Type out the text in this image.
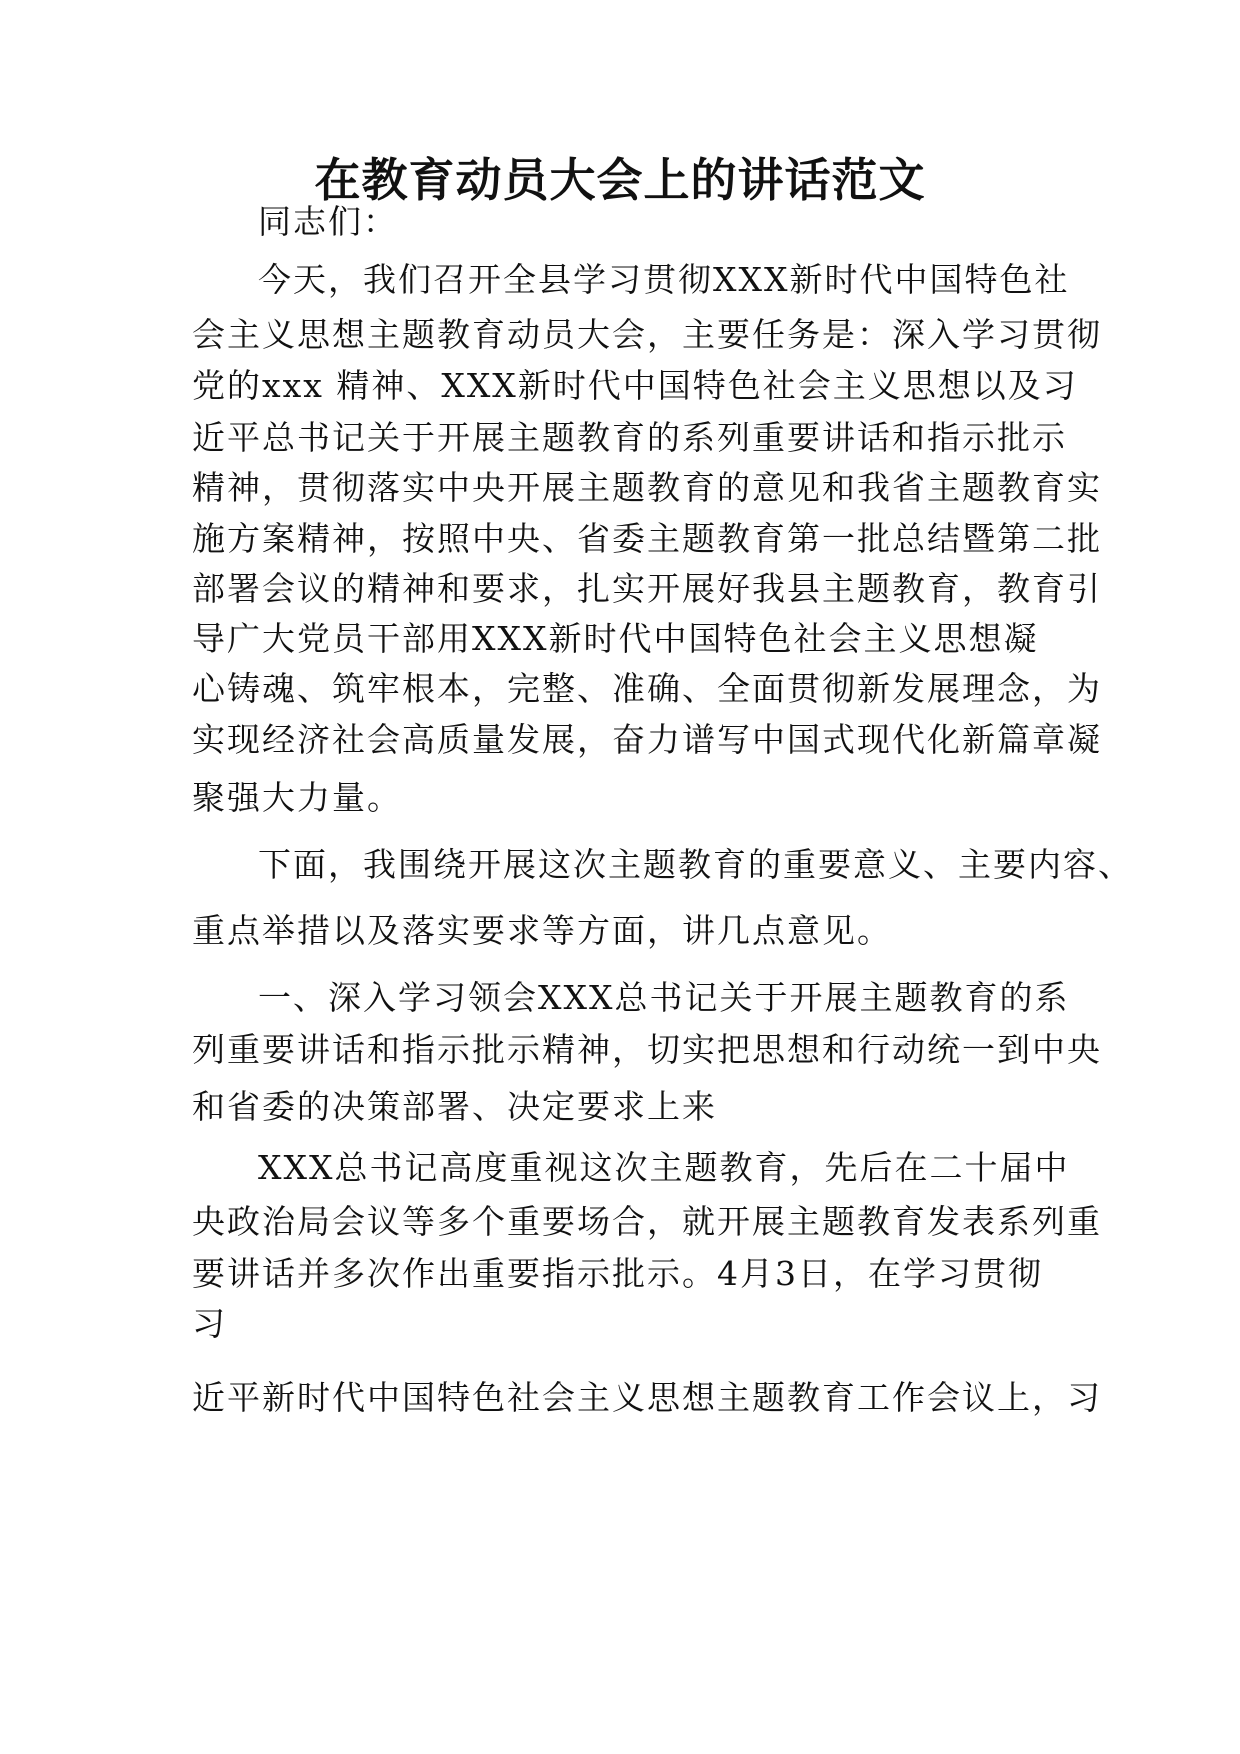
在教育动员大会上的讲话范文
同志们：
今天，我们召开全县学习贯彻XXX新时代中国特色社
会主义思想主题教育动员大会，主要任务是：深入学习贯彻
党的xxx 精神、XXX新时代中国特色社会主义思想以及习
近平总书记关于开展主题教育的系列重要讲话和指示批示
精神，贯彻落实中央开展主题教育的意见和我省主题教育实
施方案精神，按照中央、省委主题教育第一批总结暨第二批
部署会议的精神和要求，扎实开展好我县主题教育，教育引
导广大党员干部用XXX新时代中国特色社会主义思想凝
心铸魂、筑牢根本，完整、准确、全面贯彻新发展理念，为
实现经济社会高质量发展，奋力谱写中国式现代化新篇章凝
聚强大力量。
下面，我围绕开展这次主题教育的重要意义、主要内容、
重点举措以及落实要求等方面，讲几点意见。
一、深入学习领会XXX总书记关于开展主题教育的系
列重要讲话和指示批示精神，切实把思想和行动统一到中央
和省委的决策部署、决定要求上来
XXX总书记高度重视这次主题教育，先后在二十届中
央政治局会议等多个重要场合，就开展主题教育发表系列重
要讲话并多次作出重要指示批示。4月3日，在学习贯彻
习
近平新时代中国特色社会主义思想主题教育工作会议上，习
